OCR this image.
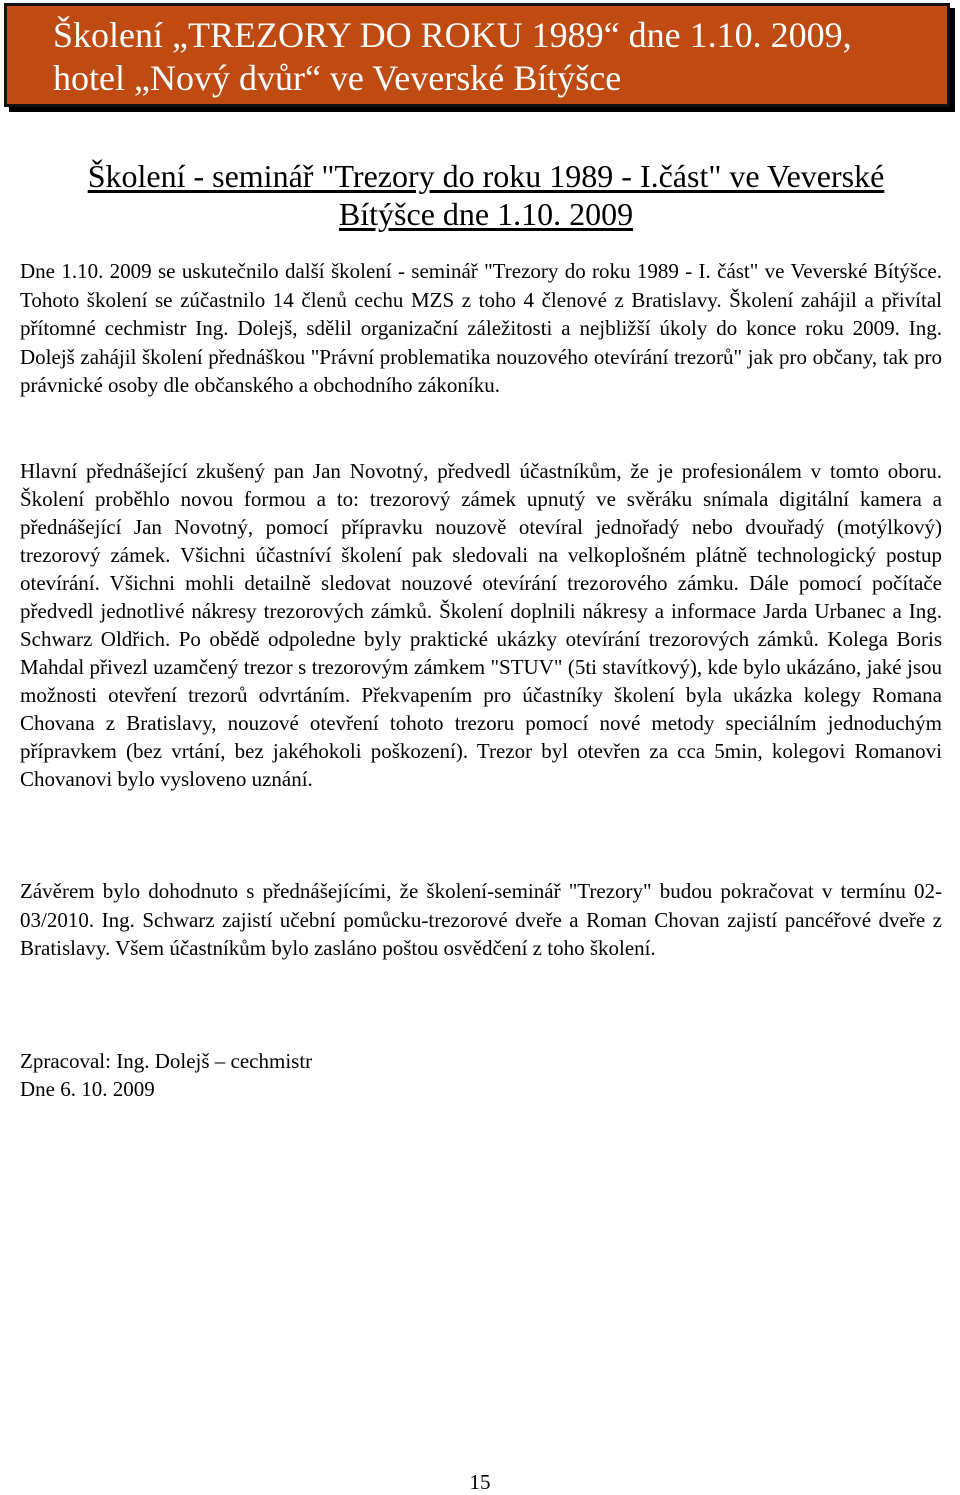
Školení „TREZORY DO ROKU 1989“ dne 1.10. 2009,
hotel „Nový dvůr“ ve Veverské Bítýšce
Školení - seminář "Trezory do roku 1989 - I.část" ve Veverské
Bítýšce dne 1.10. 2009

Dne 1.10. 2009 se uskutečnilo další školení - seminář "Trezory do roku 1989 - I. část" ve Veverské Bítýšce. Tohoto školení se zúčastnilo 14 členů cechu MZS z toho 4 členové z Bratislavy. Školení zahájil a přivítal přítomné cechmistr Ing. Dolejš, sdělil organizační záležitosti a nejbližší úkoly do konce roku 2009. Ing. Dolejš zahájil školení přednáškou "Právní problematika nouzového otevírání trezorů" jak pro občany, tak pro právnické osoby dle občanského a obchodního zákoníku.

Hlavní přednášející zkušený pan Jan Novotný, předvedl účastníkům, že je profesionálem v tomto oboru. Školení proběhlo novou formou a to: trezorový zámek upnutý ve svěráku snímala digitální kamera a přednášející Jan Novotný, pomocí přípravku nouzově otevíral jednořadý nebo dvouřadý (motýlkový) trezorový zámek. Všichni účastníví školení pak sledovali na velkoplošném plátně technologický postup otevírání. Všichni mohli detailně sledovat nouzové otevírání trezorového zámku. Dále pomocí počítače předvedl jednotlivé nákresy trezorových zámků. Školení doplnili nákresy a informace Jarda Urbanec a Ing. Schwarz Oldřich. Po obědě odpoledne byly praktické ukázky otevírání trezorových zámků. Kolega Boris Mahdal přivezl uzamčený trezor s trezorovým zámkem "STUV" (5ti stavítkový), kde bylo ukázáno, jaké jsou možnosti otevření trezorů odvrtáním. Překvapením pro účastníky školení byla ukázka kolegy Romana Chovana z Bratislavy, nouzové otevření tohoto trezoru pomocí nové metody speciálním jednoduchým přípravkem (bez vrtání, bez jakéhokoli poškození). Trezor byl otevřen za cca 5min, kolegovi Romanovi Chovanovi bylo vysloveno uznání.

Závěrem bylo dohodnuto s přednášejícími, že školení-seminář "Trezory" budou pokračovat v termínu 02-03/2010. Ing. Schwarz zajistí učební pomůcku-trezorové dveře a Roman Chovan zajistí pancéřové dveře z Bratislavy. Všem účastníkům bylo zasláno poštou osvědčení z toho školení.

Zpracoval: Ing. Dolejš – cechmistr
Dne 6. 10. 2009
15
